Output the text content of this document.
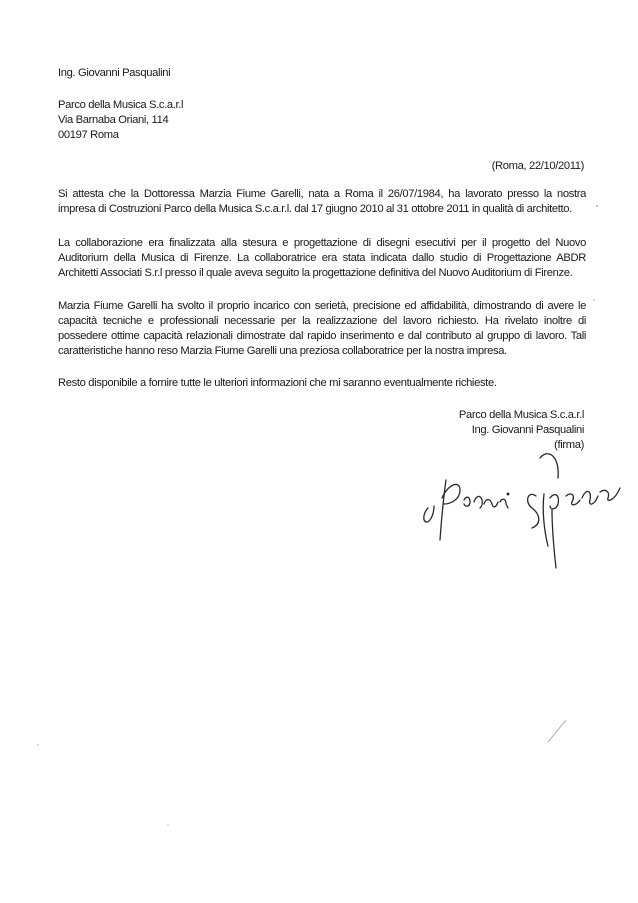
Ing. Giovanni Pasqualini
Parco della Musica S.c.a.r.l
Via Barnaba Oriani, 114
00197 Roma
(Roma, 22/10/2011)
Si attesta che la Dottoressa Marzia Fiume Garelli, nata a Roma il 26/07/1984, ha lavorato presso la nostra
impresa di Costruzioni Parco della Musica S.c.a.r.l. dal 17 giugno 2010 al 31 ottobre 2011 in qualità di architetto.
La collaborazione era finalizzata alla stesura e progettazione di disegni esecutivi per il progetto del Nuovo
Auditorium della Musica di Firenze. La collaboratrice era stata indicata dallo studio di Progettazione ABDR
Architetti Associati S.r.l presso il quale aveva seguito la progettazione definitiva del Nuovo Auditorium di Firenze.
Marzia Fiume Garelli ha svolto il proprio incarico con serietà, precisione ed affidabilità, dimostrando di avere le
capacità tecniche e professionali necessarie per la realizzazione del lavoro richiesto. Ha rivelato inoltre di
possedere ottime capacità relazionali dimostrate dal rapido inserimento e dal contributo al gruppo di lavoro. Tali
caratteristiche hanno reso Marzia Fiume Garelli una preziosa collaboratrice per la nostra impresa.
Resto disponibile a fornire tutte le ulteriori informazioni che mi saranno eventualmente richieste.
Parco della Musica S.c.a.r.l
Ing. Giovanni Pasqualini
(firma)
